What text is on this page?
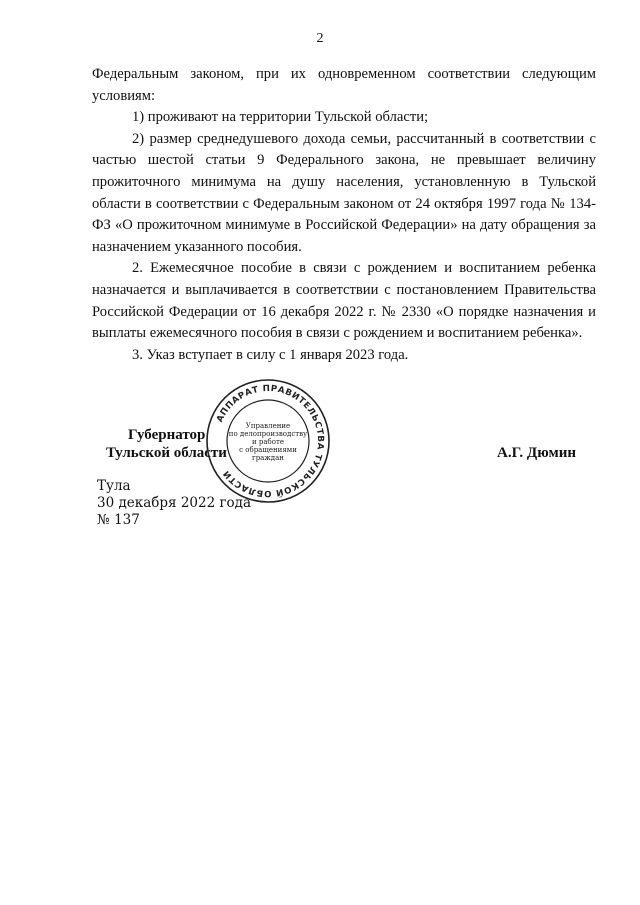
2

Федеральным законом, при их одновременном соответствии следующим условиям:

1) проживают на территории Тульской области;

2) размер среднедушевого дохода семьи, рассчитанный в соответствии с частью шестой статьи 9 Федерального закона, не превышает величину прожиточного минимума на душу населения, установленную в Тульской области в соответствии с Федеральным законом от 24 октября 1997 года № 134-ФЗ «О прожиточном минимуме в Российской Федерации» на дату обращения за назначением указанного пособия.

2. Ежемесячное пособие в связи с рождением и воспитанием ребенка назначается и выплачивается в соответствии с постановлением Правительства Российской Федерации от 16 декабря 2022 г. № 2330 «О порядке назначения и выплаты ежемесячного пособия в связи с рождением и воспитанием ребенка».

3. Указ вступает в силу с 1 января 2023 года.

Губернатор
Тульской области	А.Г. Дюмин
АППАРАТ ПРАВИТЕЛЬСТВА ТУЛЬСКОЙ ОБЛАСТИ
Управление
по делопроизводству
и работе
с обращениями
граждан
Тула
30 декабря 2022 года
№ 137
